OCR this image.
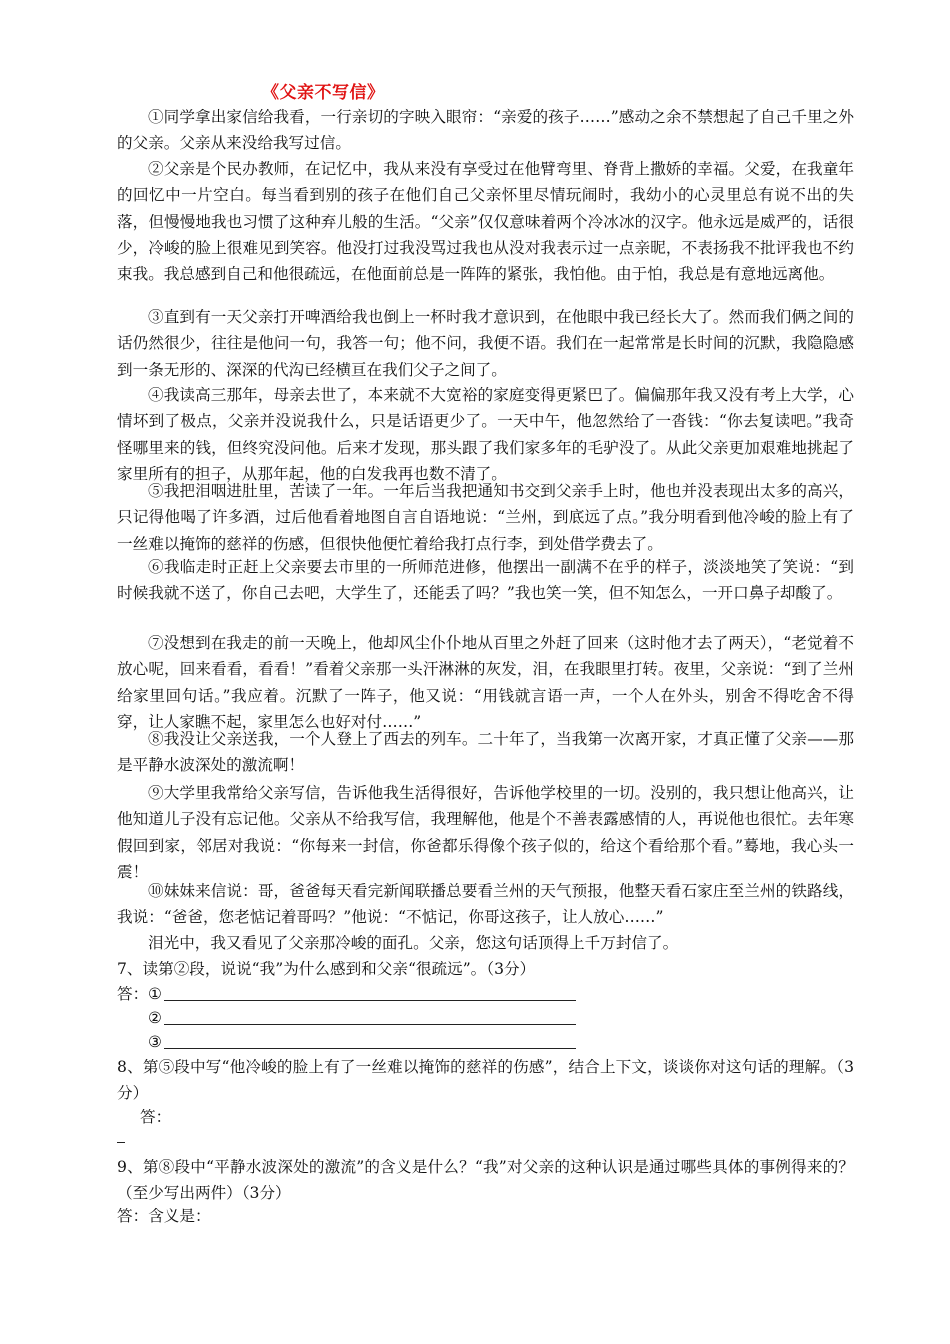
《父亲不写信》

①同学拿出家信给我看，一行亲切的字映入眼帘：“亲爱的孩子……”感动之余不禁想起了自己千里之外的父亲。父亲从来没给我写过信。

②父亲是个民办教师，在记忆中，我从来没有享受过在他臂弯里、脊背上撒娇的幸福。父爱，在我童年的回忆中一片空白。每当看到别的孩子在他们自己父亲怀里尽情玩闹时，我幼小的心灵里总有说不出的失落，但慢慢地我也习惯了这种弃儿般的生活。“父亲”仅仅意味着两个冷冰冰的汉字。他永远是威严的，话很少，冷峻的脸上很难见到笑容。他没打过我没骂过我也从没对我表示过一点亲昵，不表扬我不批评我也不约束我。我总感到自己和他很疏远，在他面前总是一阵阵的紧张，我怕他。由于怕，我总是有意地远离他。

③直到有一天父亲打开啤酒给我也倒上一杯时我才意识到，在他眼中我已经长大了。然而我们俩之间的话仍然很少，往往是他问一句，我答一句；他不问，我便不语。我们在一起常常是长时间的沉默，我隐隐感到一条无形的、深深的代沟已经横亘在我们父子之间了。

④我读高三那年，母亲去世了，本来就不大宽裕的家庭变得更紧巴了。偏偏那年我又没有考上大学，心情坏到了极点，父亲并没说我什么，只是话语更少了。一天中午，他忽然给了一沓钱：“你去复读吧。”我奇怪哪里来的钱，但终究没问他。后来才发现，那头跟了我们家多年的毛驴没了。从此父亲更加艰难地挑起了家里所有的担子，从那年起，他的白发我再也数不清了。

⑤我把泪咽进肚里，苦读了一年。一年后当我把通知书交到父亲手上时，他也并没表现出太多的高兴，只记得他喝了许多酒，过后他看着地图自言自语地说：“兰州，到底远了点。”我分明看到他冷峻的脸上有了一丝难以掩饰的慈祥的伤感，但很快他便忙着给我打点行李，到处借学费去了。

⑥我临走时正赶上父亲要去市里的一所师范进修，他摆出一副满不在乎的样子，淡淡地笑了笑说：“到时候我就不送了，你自己去吧，大学生了，还能丢了吗？”我也笑一笑，但不知怎么，一开口鼻子却酸了。

⑦没想到在我走的前一天晚上，他却风尘仆仆地从百里之外赶了回来（这时他才去了两天），“老觉着不放心呢，回来看看，看看！”看着父亲那一头汗淋淋的灰发，泪，在我眼里打转。夜里，父亲说：“到了兰州给家里回句话。”我应着。沉默了一阵子，他又说：“用钱就言语一声，一个人在外头，别舍不得吃舍不得穿，让人家瞧不起，家里怎么也好对付……”

⑧我没让父亲送我，一个人登上了西去的列车。二十年了，当我第一次离开家，才真正懂了父亲——那是平静水波深处的激流啊！

⑨大学里我常给父亲写信，告诉他我生活得很好，告诉他学校里的一切。没别的，我只想让他高兴，让他知道儿子没有忘记他。父亲从不给我写信，我理解他，他是个不善表露感情的人，再说他也很忙。去年寒假回到家，邻居对我说：“你每来一封信，你爸都乐得像个孩子似的，给这个看给那个看。”蓦地，我心头一震！

⑩妹妹来信说：哥，爸爸每天看完新闻联播总要看兰州的天气预报，他整天看石家庄至兰州的铁路线，我说：“爸爸，您老惦记着哥吗？”他说：“不惦记，你哥这孩子，让人放心……”

泪光中，我又看见了父亲那冷峻的面孔。父亲，您这句话顶得上千万封信了。

7、读第②段，说说“我”为什么感到和父亲“很疏远”。（3分）

答： ①
②
③

8、第⑤段中写“他冷峻的脸上有了一丝难以掩饰的慈祥的伤感”，结合上下文，谈谈你对这句话的理解。（3分）

答：

9、第⑧段中“平静水波深处的激流”的含义是什么？“我”对父亲的这种认识是通过哪些具体的事例得来的？（至少写出两件）（3分）

答：含义是：
